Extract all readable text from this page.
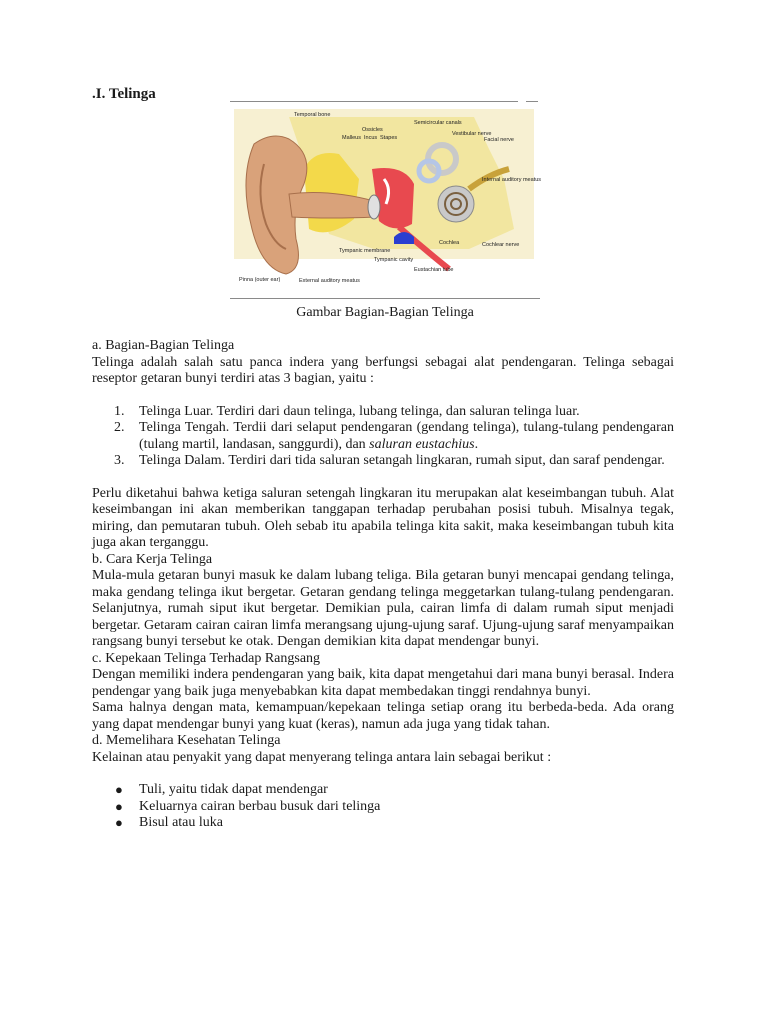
.I. Telinga
Temporal bone
Ossicles
Malleus Incus Stapes
Semicircular canals
Vestibular nerve
Facial nerve
Internal auditory meatus
Cochlea	Cochlear nerve
Tympanic membrane
Tympanic cavity
Eustachian tube
Pinna (outer ear)	External auditory meatus
Gambar Bagian-Bagian Telinga

a. Bagian-Bagian Telinga

Telinga adalah salah satu panca indera yang berfungsi sebagai alat pendengaran. Telinga sebagai reseptor getaran bunyi terdiri atas 3 bagian, yaitu :

1. Telinga Luar. Terdiri dari daun telinga, lubang telinga, dan saluran telinga luar.
2. Telinga Tengah. Terdii dari selaput pendengaran (gendang telinga), tulang-tulang pendengaran (tulang martil, landasan, sanggurdi), dan saluran eustachius.
3. Telinga Dalam. Terdiri dari tida saluran setangah lingkaran, rumah siput, dan saraf pendengar.

Perlu diketahui bahwa ketiga saluran setengah lingkaran itu merupakan alat keseimbangan tubuh. Alat keseimbangan ini akan memberikan tanggapan terhadap perubahan posisi tubuh. Misalnya tegak, miring, dan pemutaran tubuh. Oleh sebab itu apabila telinga kita sakit, maka keseimbangan tubuh kita juga akan terganggu.

b. Cara Kerja Telinga

Mula-mula getaran bunyi masuk ke dalam lubang teliga. Bila getaran bunyi mencapai gendang telinga, maka gendang telinga ikut bergetar. Getaran gendang telinga meggetarkan tulang-tulang pendengaran. Selanjutnya, rumah siput ikut bergetar. Demikian pula, cairan limfa di dalam rumah siput menjadi bergetar. Getaram cairan cairan limfa merangsang ujung-ujung saraf. Ujung-ujung saraf menyampaikan rangsang bunyi tersebut ke otak. Dengan demikian kita dapat mendengar bunyi.

c. Kepekaan Telinga Terhadap Rangsang

Dengan memiliki indera pendengaran yang baik, kita dapat mengetahui dari mana bunyi berasal. Indera pendengar yang baik juga menyebabkan kita dapat membedakan tinggi rendahnya bunyi.

Sama halnya dengan mata, kemampuan/kepekaan telinga setiap orang itu berbeda-beda. Ada orang yang dapat mendengar bunyi yang kuat (keras), namun ada juga yang tidak tahan.

d. Memelihara Kesehatan Telinga

Kelainan atau penyakit yang dapat menyerang telinga antara lain sebagai berikut :

● Tuli, yaitu tidak dapat mendengar
● Keluarnya cairan berbau busuk dari telinga
● Bisul atau luka
